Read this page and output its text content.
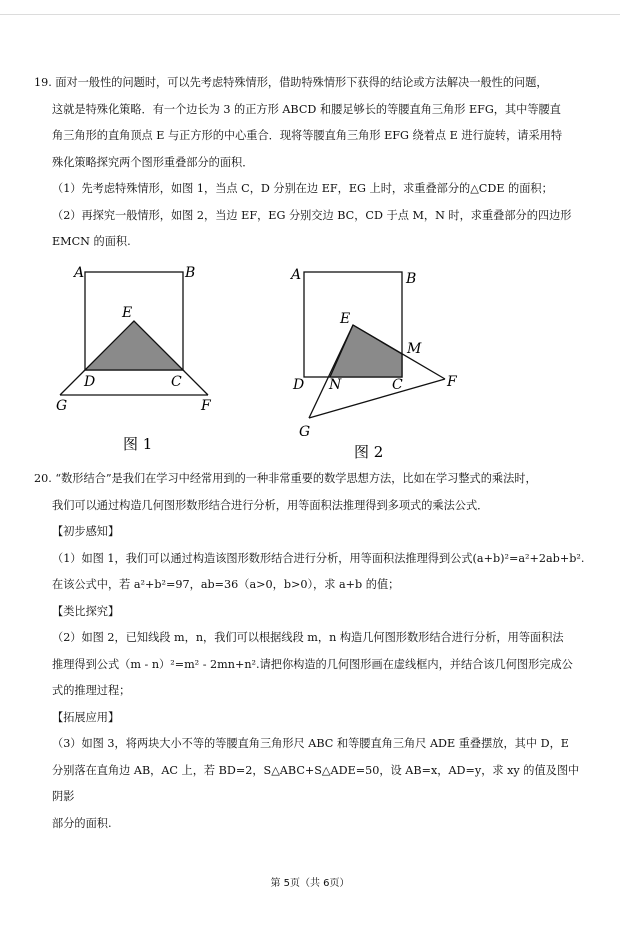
19. 面对一般性的问题时，可以先考虑特殊情形，借助特殊情形下获得的结论或方法解决一般性的问题，

这就是特殊化策略．有一个边长为 3 的正方形 ABCD 和腰足够长的等腰直角三角形 EFG，其中等腰直

角三角形的直角顶点 E 与正方形的中心重合．现将等腰直角三角形 EFG 绕着点 E 进行旋转，请采用特

殊化策略探究两个图形重叠部分的面积．

（1）先考虑特殊情形，如图 1，当点 C，D 分别在边 EF，EG 上时，求重叠部分的△CDE 的面积；

（2）再探究一般情形，如图 2，当边 EF，EG 分别交边 BC，CD 于点 M，N 时，求重叠部分的四边形

EMCN 的面积.

A	B
E
D	C
G	F
图 1
A	B
E
M
D N	C	F
G
图 2

20. “数形结合”是我们在学习中经常用到的一种非常重要的数学思想方法，比如在学习整式的乘法时，

我们可以通过构造几何图形数形结合进行分析，用等面积法推理得到多项式的乘法公式．

【初步感知】

（1）如图 1，我们可以通过构造该图形数形结合进行分析，用等面积法推理得到公式(a+b)²=a²+2ab+b².

在该公式中，若 a²+b²=97，ab=36（a>0，b>0），求 a+b 的值；

【类比探究】

（2）如图 2，已知线段 m，n，我们可以根据线段 m，n 构造几何图形数形结合进行分析，用等面积法

推理得到公式（m - n）²=m² - 2mn+n².请把你构造的几何图形画在虚线框内，并结合该几何图形完成公

式的推理过程；

【拓展应用】

（3）如图 3，将两块大小不等的等腰直角三角形尺 ABC 和等腰直角三角尺 ADE 重叠摆放，其中 D，E

分别落在直角边 AB，AC 上，若 BD=2，S△ABC+S△ADE=50，设 AB=x，AD=y，求 xy 的值及图中阴影

部分的面积.

第 5页（共 6页）
